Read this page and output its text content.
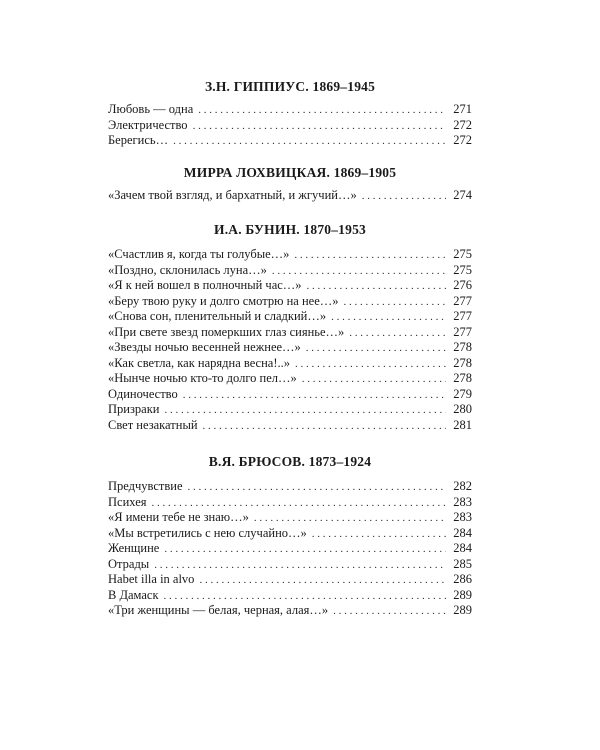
З.Н. ГИППИУС. 1869–1945
Любовь — одна . . .	271
Электричество . . .	272
Берегись… . . .	272
МИРРА ЛОХВИЦКАЯ. 1869–1905
«Зачем твой взгляд, и бархатный, и жгучий…» . . .	274
И.А. БУНИН. 1870–1953
«Счастлив я, когда ты голубые…» . . .	275
«Поздно, склонилась луна…» . . .	275
«Я к ней вошел в полночный час…» . . .	276
«Беру твою руку и долго смотрю на нее…» . . .	277
«Снова сон, пленительный и сладкий…» . . .	277
«При свете звезд померкших глаз сиянье…» . . .	277
«Звезды ночью весенней нежнее…» . . .	278
«Как светла, как нарядна весна!..» . . .	278
«Нынче ночью кто-то долго пел…» . . .	278
Одиночество . . .	279
Призраки . . .	280
Свет незакатный . . .	281
В.Я. БРЮСОВ. 1873–1924
Предчувствие . . .	282
Психея . . .	283
«Я имени тебе не знаю…» . . .	283
«Мы встретились с нею случайно…» . . .	284
Женщине . . .	284
Отрады . . .	285
Habet illa in alvo . . .	286
В Дамаск . . .	289
«Три женщины — белая, черная, алая…» . . .	289
